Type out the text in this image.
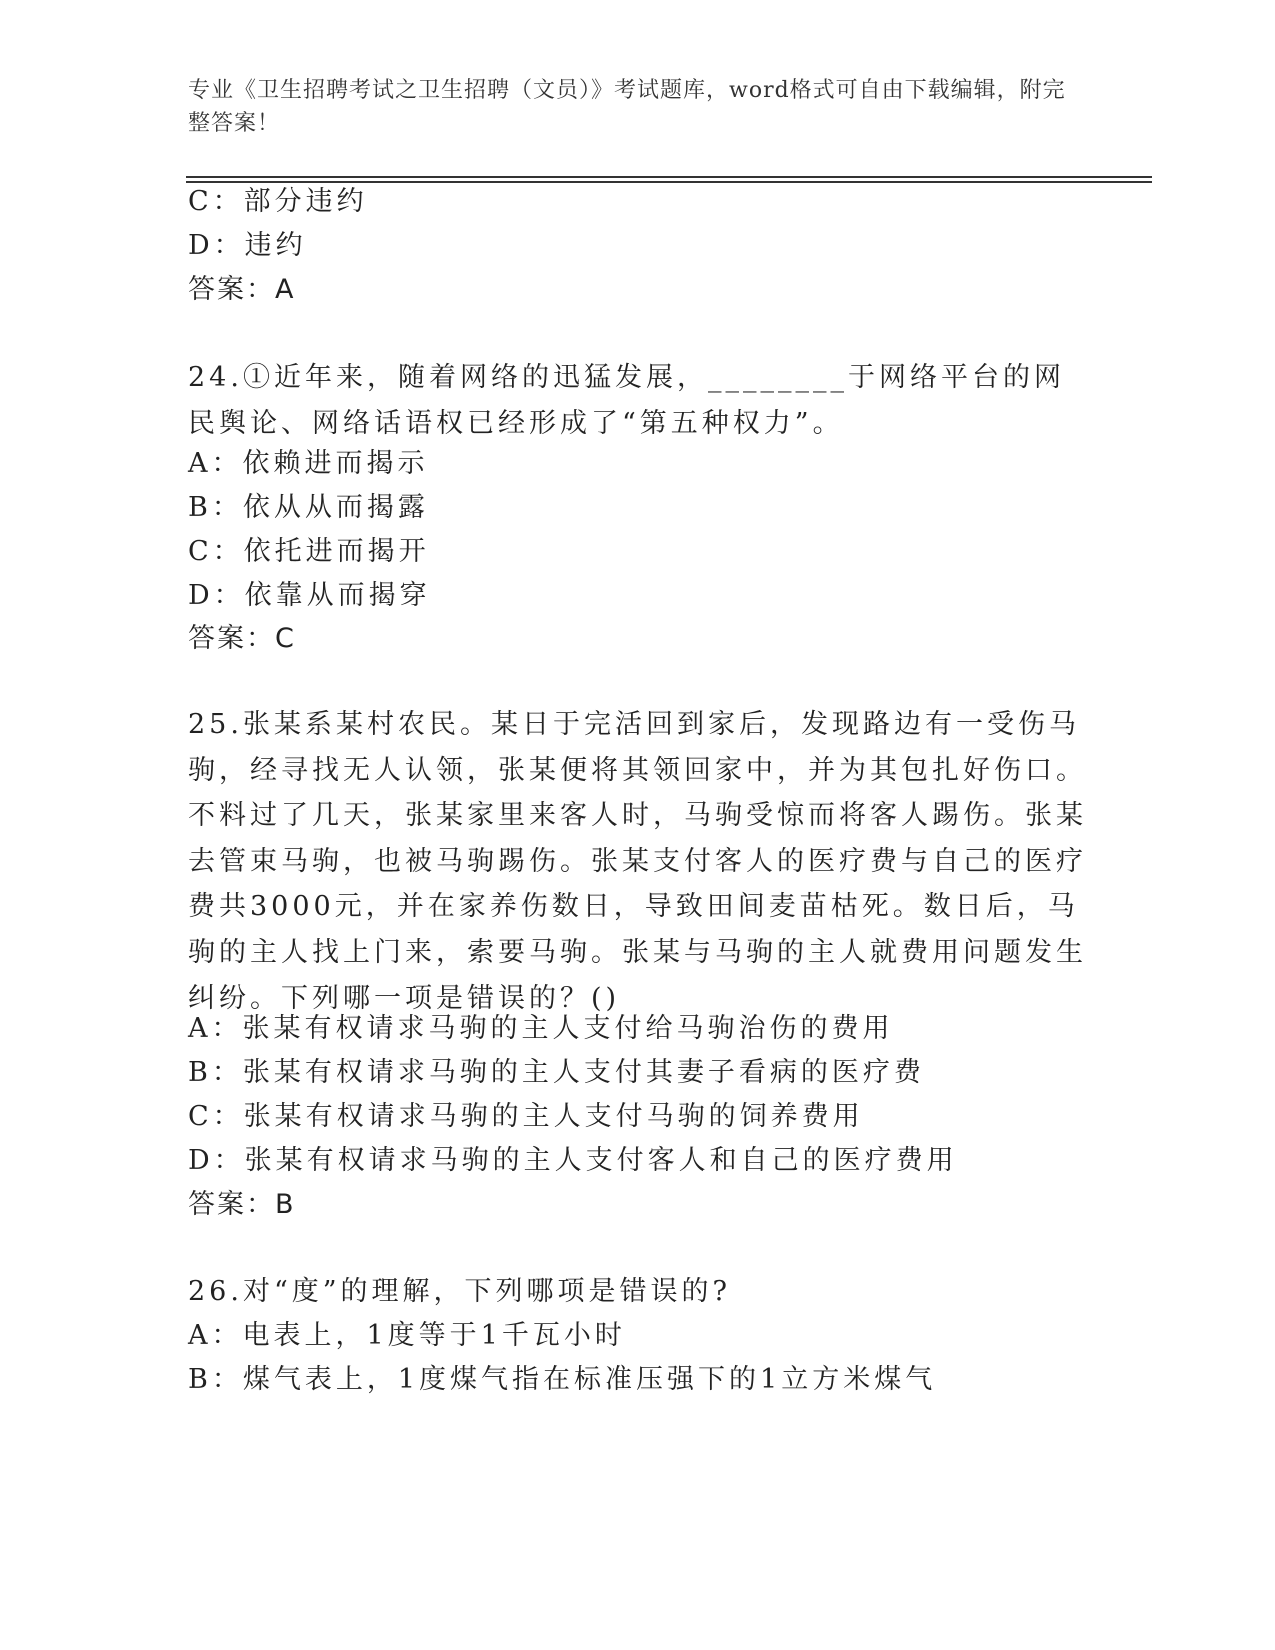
专业《卫生招聘考试之卫生招聘（文员）》考试题库，word格式可自由下载编辑，附完整答案！
C：部分违约
D：违约
答案：A
24.①近年来，随着网络的迅猛发展，________于网络平台的网民舆论、网络话语权已经形成了“第五种权力”。
A：依赖进而揭示
B：依从从而揭露
C：依托进而揭开
D：依靠从而揭穿
答案：C
25.张某系某村农民。某日于完活回到家后，发现路边有一受伤马驹，经寻找无人认领，张某便将其领回家中，并为其包扎好伤口。不料过了几天，张某家里来客人时，马驹受惊而将客人踢伤。张某去管束马驹，也被马驹踢伤。张某支付客人的医疗费与自己的医疗费共3000元，并在家养伤数日，导致田间麦苗枯死。数日后，马驹的主人找上门来，索要马驹。张某与马驹的主人就费用问题发生纠纷。下列哪一项是错误的？()
A：张某有权请求马驹的主人支付给马驹治伤的费用
B：张某有权请求马驹的主人支付其妻子看病的医疗费
C：张某有权请求马驹的主人支付马驹的饲养费用
D：张某有权请求马驹的主人支付客人和自己的医疗费用
答案：B
26.对“度”的理解，下列哪项是错误的?
A：电表上，1度等于1千瓦小时
B：煤气表上，1度煤气指在标准压强下的1立方米煤气
